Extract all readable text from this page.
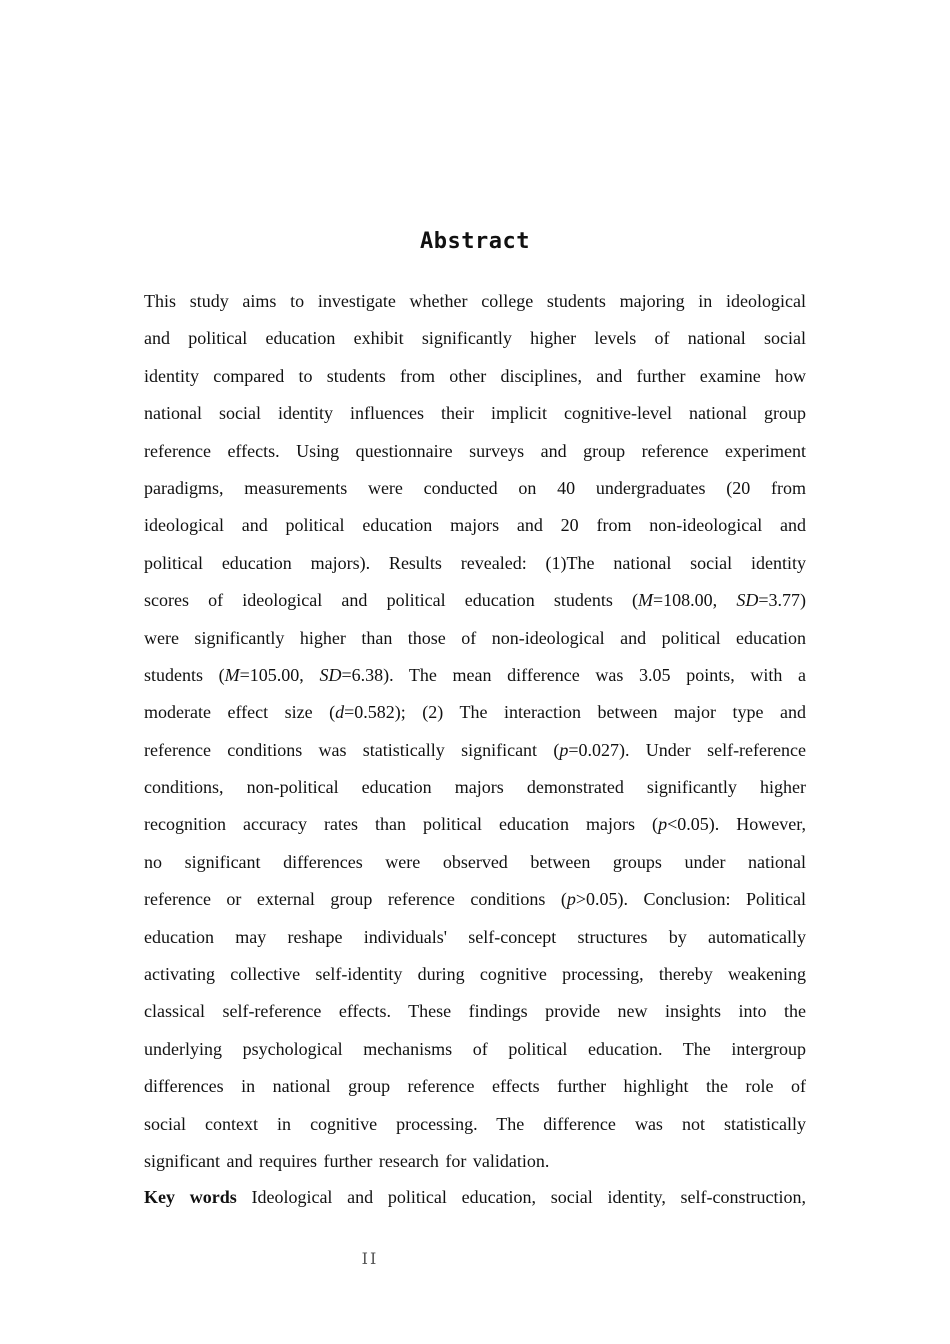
Abstract
This study aims to investigate whether college students majoring in ideological
and political education exhibit significantly higher levels of national social
identity compared to students from other disciplines, and further examine how
national social identity influences their implicit cognitive-level national group
reference effects. Using questionnaire surveys and group reference experiment
paradigms, measurements were conducted on 40 undergraduates (20 from
ideological and political education majors and 20 from non-ideological and
political education majors). Results revealed: (1)The national social identity
scores of ideological and political education students (M=108.00, SD=3.77)
were significantly higher than those of non-ideological and political education
students (M=105.00, SD=6.38). The mean difference was 3.05 points, with a
moderate effect size (d=0.582); (2) The interaction between major type and
reference conditions was statistically significant (p=0.027). Under self-reference
conditions, non-political education majors demonstrated significantly higher
recognition accuracy rates than political education majors (p<0.05). However,
no significant differences were observed between groups under national
reference or external group reference conditions (p>0.05). Conclusion: Political
education may reshape individuals' self-concept structures by automatically
activating collective self-identity during cognitive processing, thereby weakening
classical self-reference effects. These findings provide new insights into the
underlying psychological mechanisms of political education. The intergroup
differences in national group reference effects further highlight the role of
social context in cognitive processing. The difference was not statistically
significant and requires further research for validation.
Key words Ideological and political education, social identity, self-construction,
II
